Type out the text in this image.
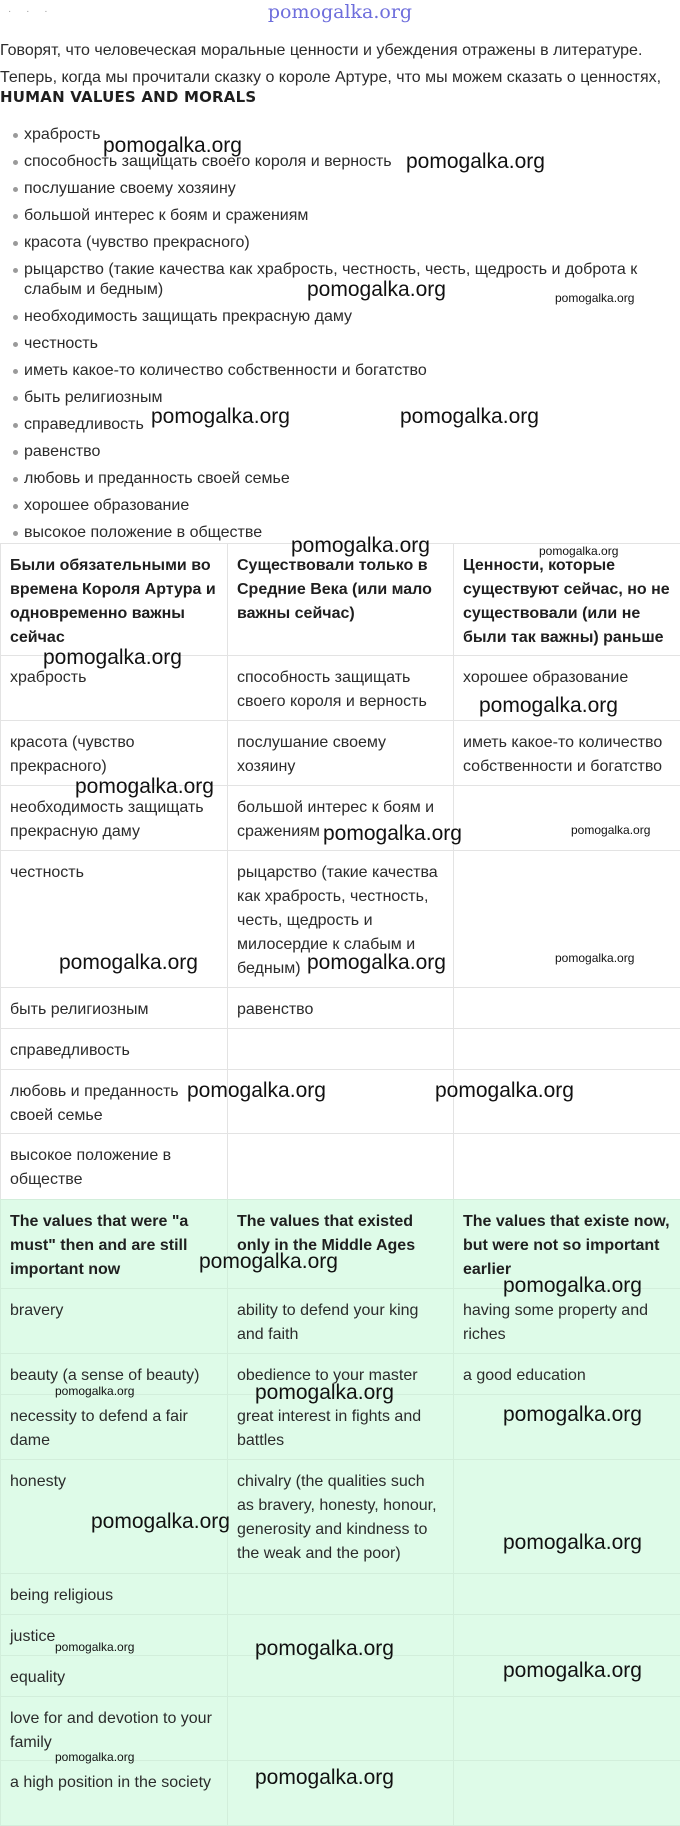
· · ·	pomogalka.org
Говорят, что человеческая моральные ценности и убеждения отражены в литературе.
Теперь, когда мы прочитали сказку о короле Артуре, что мы можем сказать о ценностях,
HUMAN VALUES AND MORALS
храбрость
способность защищать своего короля и верность
послушание своему хозяину
большой интерес к боям и сражениям
красота (чувство прекрасного)
рыцарство (такие качества как храбрость, честность, честь, щедрость и доброта к слабым и бедным)
необходимость защищать прекрасную даму
честность
иметь какое-то количество собственности и богатство
быть религиозным
справедливость
равенство
любовь и преданность своей семье
хорошее образование
высокое положение в обществе
Были обязательными во времена Короля Артура и одновременно важны сейчас	Существовали только в Средние Века (или мало важны сейчас)	Ценности, которые существуют сейчас, но не существовали (или не были так важны) раньше
храбрость	способность защищать своего короля и верность	хорошее образование
красота (чувство прекрасного)	послушание своему хозяину	иметь какое-то количество собственности и богатство
необходимость защищать прекрасную даму	большой интерес к боям и сражениям	
честность	рыцарство (такие качества как храбрость, честность, честь, щедрость и милосердие к слабым и бедным)	
быть религиозным	равенство	
справедливость		
любовь и преданность своей семье		
высокое положение в обществе		
The values that were "a must" then and are still important now	The values that existed only in the Middle Ages	The values that existe now, but were not so important earlier
bravery	ability to defend your king and faith	having some property and riches
beauty (a sense of beauty)	obedience to your master	a good education
necessity to defend a fair dame	great interest in fights and battles	
honesty	chivalry (the qualities such as bravery, honesty, honour, generosity and kindness to the weak and the poor)	
being religious		
justice		
equality		
love for and devotion to your family		
a high position in the society		
pomogalka.org
pomogalka.org
pomogalka.org	pomogalka.org
pomogalka.org	pomogalka.org
pomogalka.org	pomogalka.org
pomogalka.org
pomogalka.org
pomogalka.org
pomogalka.org	pomogalka.org
pomogalka.org	pomogalka.org	pomogalka.org
pomogalka.org	pomogalka.org
pomogalka.org
pomogalka.org
pomogalka.org	pomogalka.org
pomogalka.org
pomogalka.org
pomogalka.org
pomogalka.org	pomogalka.org
pomogalka.org
pomogalka.org
pomogalka.org
